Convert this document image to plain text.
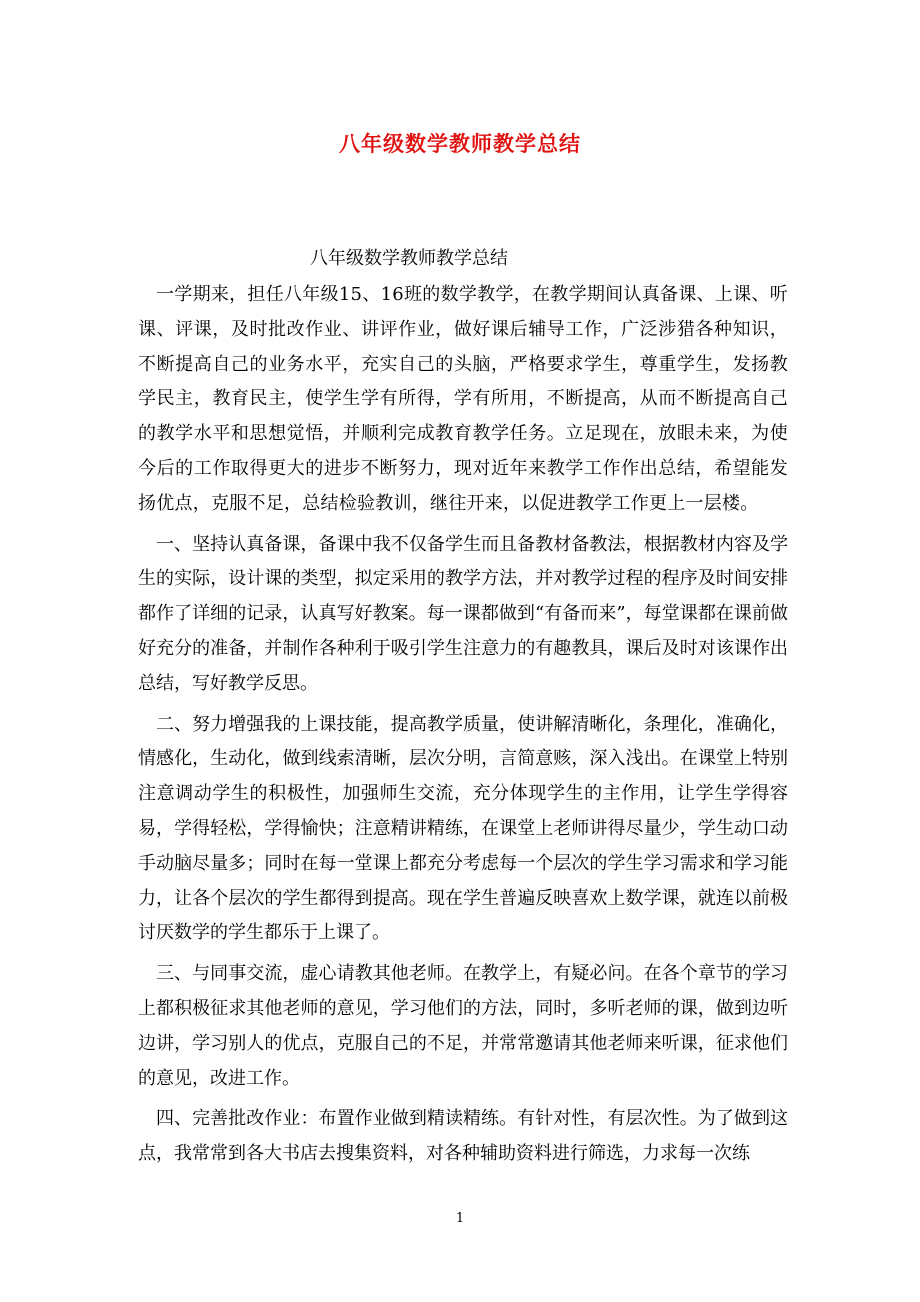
八年级数学教师教学总结

八年级数学教师教学总结

一学期来，担任八年级15、16班的数学教学，在教学期间认真备课、上课、听课、评课，及时批改作业、讲评作业，做好课后辅导工作，广泛涉猎各种知识，不断提高自己的业务水平，充实自己的头脑，严格要求学生，尊重学生，发扬教学民主，教育民主，使学生学有所得，学有所用，不断提高，从而不断提高自己的教学水平和思想觉悟，并顺利完成教育教学任务。立足现在，放眼未来，为使今后的工作取得更大的进步不断努力，现对近年来教学工作作出总结，希望能发扬优点，克服不足，总结检验教训，继往开来，以促进教学工作更上一层楼。

一、坚持认真备课，备课中我不仅备学生而且备教材备教法，根据教材内容及学生的实际，设计课的类型，拟定采用的教学方法，并对教学过程的程序及时间安排都作了详细的记录，认真写好教案。每一课都做到“有备而来”，每堂课都在课前做好充分的准备，并制作各种利于吸引学生注意力的有趣教具，课后及时对该课作出总结，写好教学反思。

二、努力增强我的上课技能，提高教学质量，使讲解清晰化，条理化，准确化，情感化，生动化，做到线索清晰，层次分明，言简意赅，深入浅出。在课堂上特别注意调动学生的积极性，加强师生交流，充分体现学生的主作用，让学生学得容易，学得轻松，学得愉快；注意精讲精练，在课堂上老师讲得尽量少，学生动口动手动脑尽量多；同时在每一堂课上都充分考虑每一个层次的学生学习需求和学习能力，让各个层次的学生都得到提高。现在学生普遍反映喜欢上数学课，就连以前极讨厌数学的学生都乐于上课了。

三、与同事交流，虚心请教其他老师。在教学上，有疑必问。在各个章节的学习上都积极征求其他老师的意见，学习他们的方法，同时，多听老师的课，做到边听边讲，学习别人的优点，克服自己的不足，并常常邀请其他老师来听课，征求他们的意见，改进工作。

四、完善批改作业：布置作业做到精读精练。有针对性，有层次性。为了做到这点，我常常到各大书店去搜集资料，对各种辅助资料进行筛选，力求每一次练

1
